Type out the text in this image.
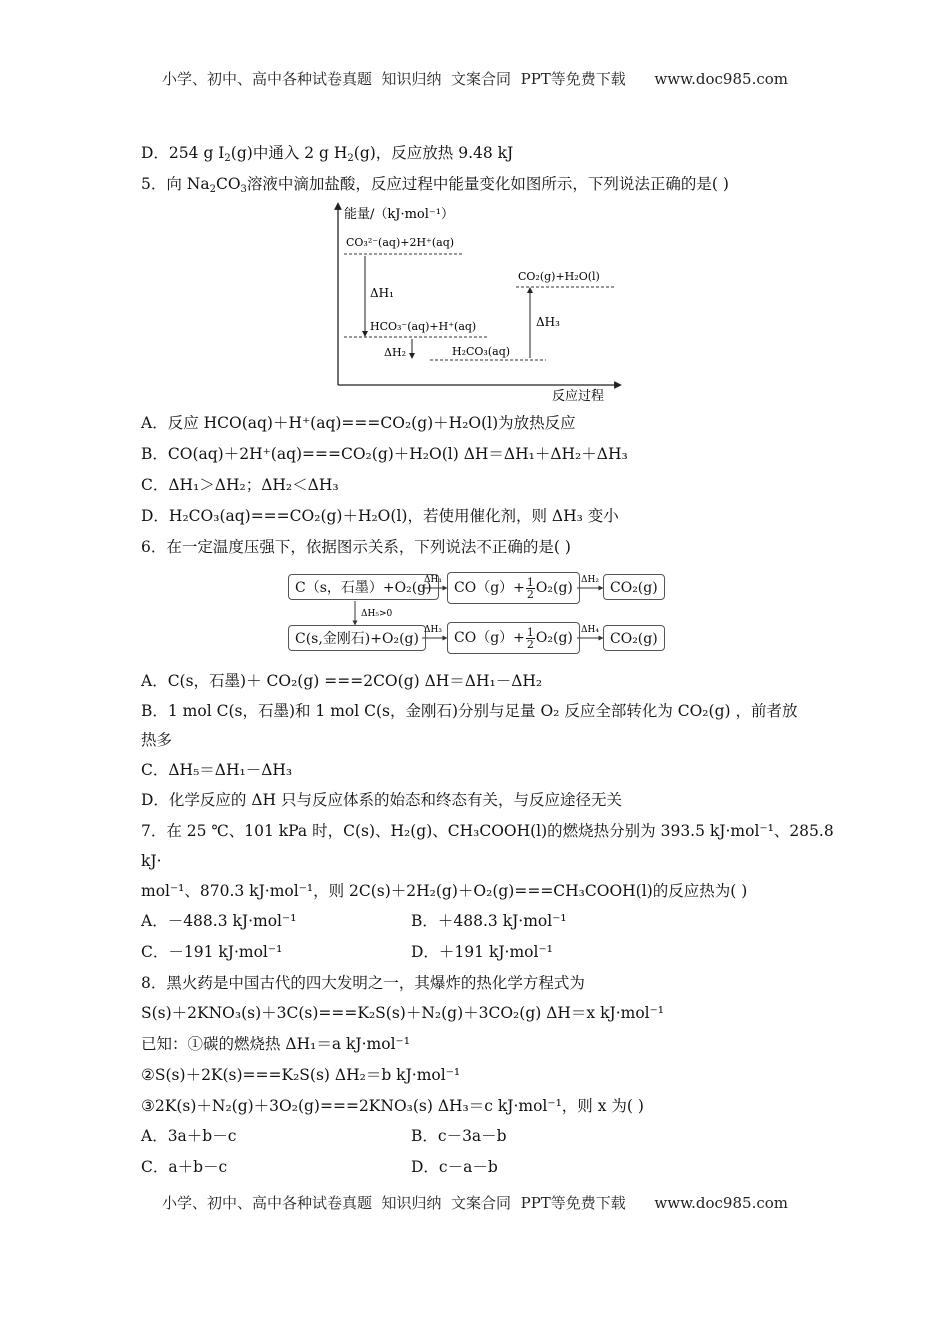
小学、初中、高中各种试卷真题  知识归纳  文案合同  PPT等免费下载      www.doc985.com
D．254 g $I_2(g)$中通入 2 g $H_2(g)$，反应放热 9.48 kJ
5．向 $Na_2CO_3$溶液中滴加盐酸，反应过程中能量变化如图所示，下列说法正确的是( )
能量/（kJ·mol⁻¹）
反应过程
CO₃²⁻(aq)+2H⁺(aq)
ΔH₁
HCO₃⁻(aq)+H⁺(aq)
ΔH₂	H₂CO₃(aq)
CO₂(g)+H₂O(l)
ΔH₃
A．反应 HCO(aq)＋H⁺(aq)===CO₂(g)＋H₂O(l)为放热反应
B．CO(aq)＋2H⁺(aq)===CO₂(g)＋H₂O(l) ΔH＝ΔH₁＋ΔH₂＋ΔH₃
C．ΔH₁＞ΔH₂；ΔH₂＜ΔH₃
D．H₂CO₃(aq)===CO₂(g)＋H₂O(l)，若使用催化剂，则 ΔH₃ 变小
6．在一定温度压强下，依据图示关系，下列说法不正确的是( )
C（s，石墨）+O₂(g)	$CO(g)+ \frac{1}{2} O_2(g)$	CO₂(g)
C(s,金刚石)+O₂(g)	$CO(g)+ \frac{1}{2} O_2(g)$	CO₂(g)
ΔH₁	ΔH₂
ΔH₃	ΔH₄
ΔH₅>0
A．C(s，石墨)＋ CO₂(g) ===2CO(g) ΔH＝ΔH₁－ΔH₂
B．1 mol C(s，石墨)和 1 mol C(s，金刚石)分别与足量 O₂ 反应全部转化为 CO₂(g) ，前者放
热多
C．ΔH₅＝ΔH₁－ΔH₃
D．化学反应的 ΔH 只与反应体系的始态和终态有关，与反应途径无关
7．在 25 ℃、101 kPa 时，C(s)、H₂(g)、CH₃COOH(l)的燃烧热分别为 393.5 kJ·mol⁻¹、285.8
kJ·
mol⁻¹、870.3 kJ·mol⁻¹，则 2C(s)＋2H₂(g)＋O₂(g)===CH₃COOH(l)的反应热为( )
A．－488.3 kJ·mol⁻¹	B．＋488.3 kJ·mol⁻¹
C．－191 kJ·mol⁻¹	D．＋191 kJ·mol⁻¹
8．黑火药是中国古代的四大发明之一，其爆炸的热化学方程式为
S(s)＋2KNO₃(s)＋3C(s)===K₂S(s)＋N₂(g)＋3CO₂(g) ΔH＝x kJ·mol⁻¹
已知：①碳的燃烧热 ΔH₁＝a kJ·mol⁻¹
②S(s)＋2K(s)===K₂S(s) ΔH₂＝b kJ·mol⁻¹
③2K(s)＋N₂(g)＋3O₂(g)===2KNO₃(s) ΔH₃＝c kJ·mol⁻¹，则 x 为( )
A．3a＋b－c	B．c－3a－b
C．a＋b－c	D．c－a－b
小学、初中、高中各种试卷真题  知识归纳  文案合同  PPT等免费下载      www.doc985.com
